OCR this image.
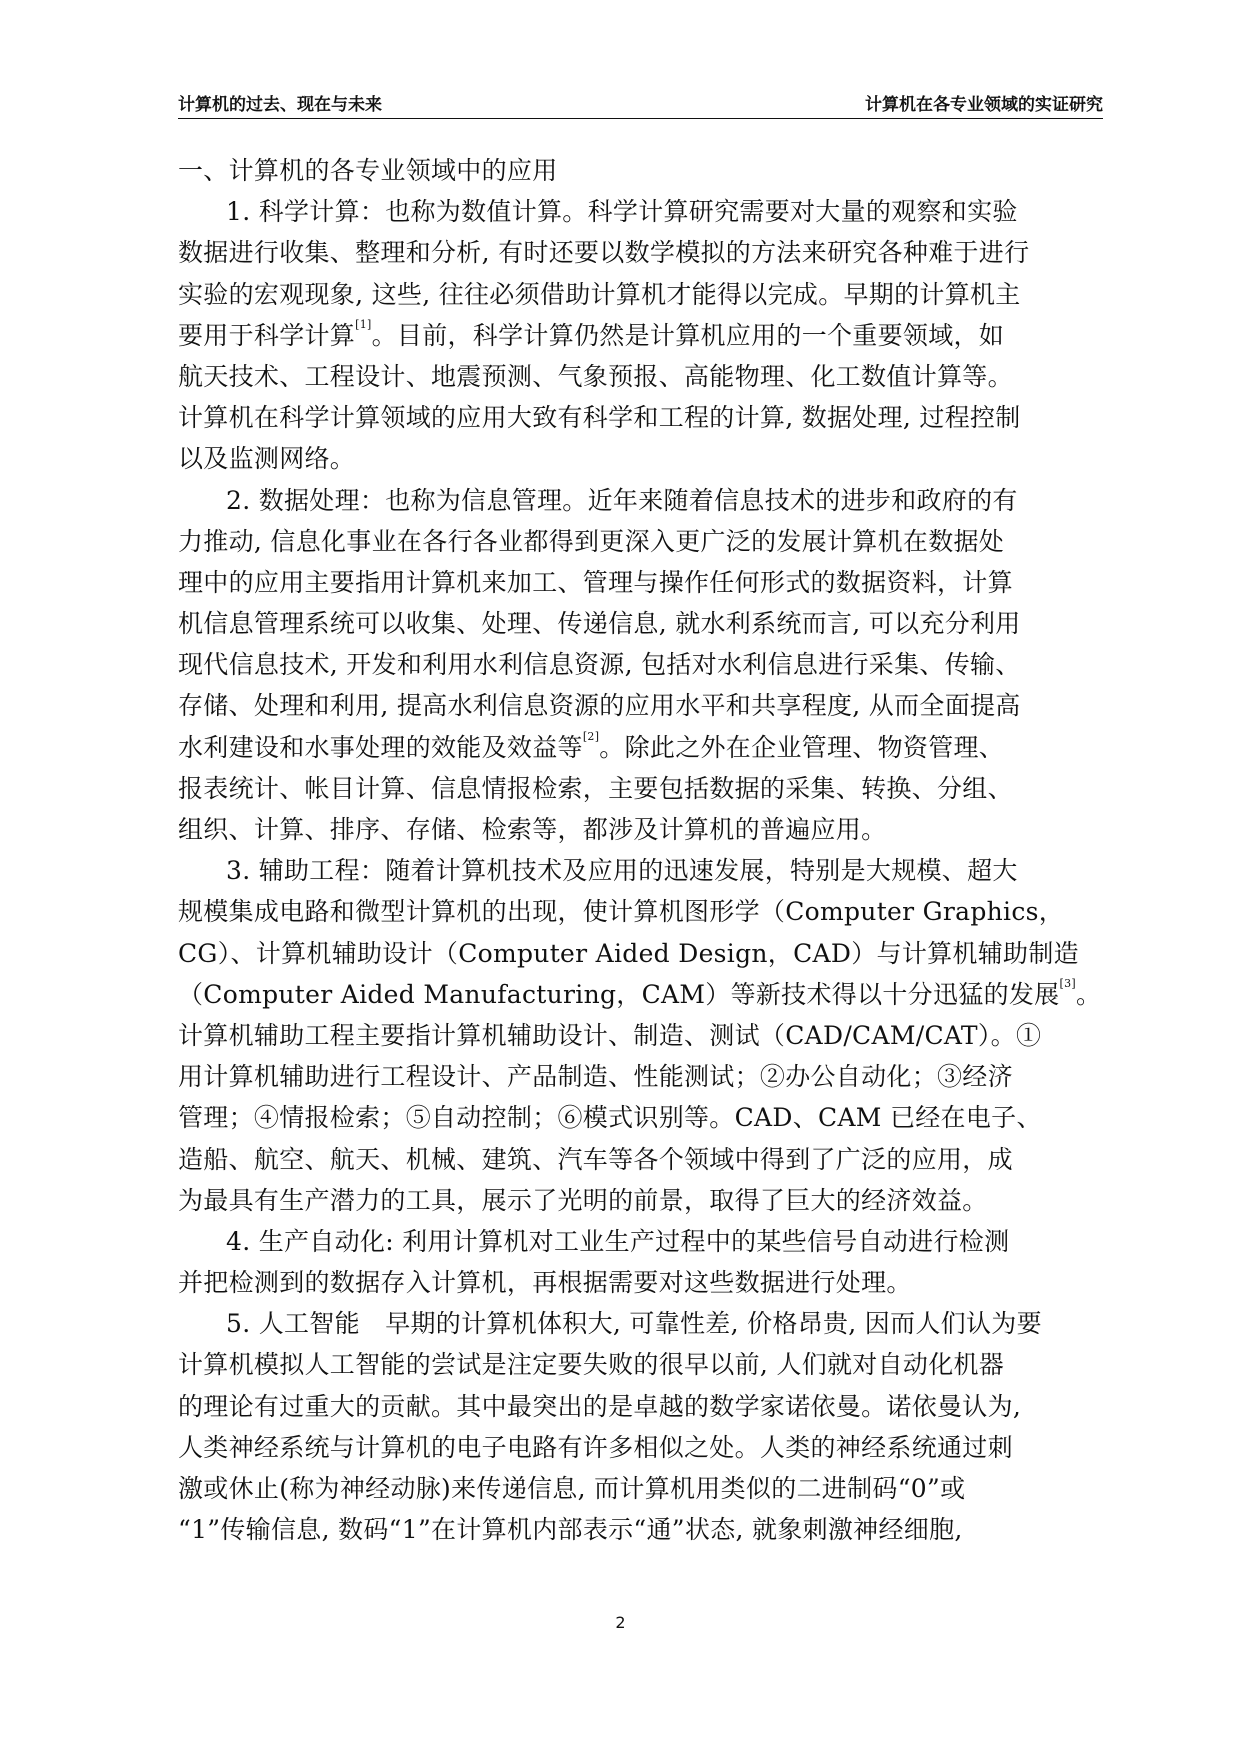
计算机的过去、现在与未来	计算机在各专业领域的实证研究
一、计算机的各专业领域中的应用
1. 科学计算：也称为数值计算。科学计算研究需要对大量的观察和实验
数据进行收集、整理和分析, 有时还要以数学模拟的方法来研究各种难于进行
实验的宏观现象, 这些, 往往必须借助计算机才能得以完成。早期的计算机主
要用于科学计算[1]。目前，科学计算仍然是计算机应用的一个重要领域，如
航天技术、工程设计、地震预测、气象预报、高能物理、化工数值计算等。
计算机在科学计算领域的应用大致有科学和工程的计算, 数据处理, 过程控制
以及监测网络。
2. 数据处理：也称为信息管理。近年来随着信息技术的进步和政府的有
力推动, 信息化事业在各行各业都得到更深入更广泛的发展计算机在数据处
理中的应用主要指用计算机来加工、管理与操作任何形式的数据资料，计算
机信息管理系统可以收集、处理、传递信息, 就水利系统而言, 可以充分利用
现代信息技术, 开发和利用水利信息资源, 包括对水利信息进行采集、传输、
存储、处理和利用, 提高水利信息资源的应用水平和共享程度, 从而全面提高
水利建设和水事处理的效能及效益等[2]。除此之外在企业管理、物资管理、
报表统计、帐目计算、信息情报检索，主要包括数据的采集、转换、分组、
组织、计算、排序、存储、检索等，都涉及计算机的普遍应用。
3. 辅助工程：随着计算机技术及应用的迅速发展，特别是大规模、超大
规模集成电路和微型计算机的出现，使计算机图形学（Computer Graphics，
CG）、计算机辅助设计（Computer Aided Design，CAD）与计算机辅助制造
（Computer Aided Manufacturing，CAM）等新技术得以十分迅猛的发展[3]。
计算机辅助工程主要指计算机辅助设计、制造、测试（CAD/CAM/CAT）。①
用计算机辅助进行工程设计、产品制造、性能测试；②办公自动化；③经济
管理；④情报检索；⑤自动控制；⑥模式识别等。CAD、CAM 已经在电子、
造船、航空、航天、机械、建筑、汽车等各个领域中得到了广泛的应用，成
为最具有生产潜力的工具，展示了光明的前景，取得了巨大的经济效益。
4. 生产自动化: 利用计算机对工业生产过程中的某些信号自动进行检测
并把检测到的数据存入计算机，再根据需要对这些数据进行处理。
5. 人工智能　早期的计算机体积大, 可靠性差, 价格昂贵, 因而人们认为要
计算机模拟人工智能的尝试是注定要失败的很早以前, 人们就对自动化机器
的理论有过重大的贡献。其中最突出的是卓越的数学家诺依曼。诺依曼认为,
人类神经系统与计算机的电子电路有许多相似之处。人类的神经系统通过刺
激或休止(称为神经动脉)来传递信息, 而计算机用类似的二进制码“0”或
“1”传输信息, 数码“1”在计算机内部表示“通”状态, 就象刺激神经细胞,
2
